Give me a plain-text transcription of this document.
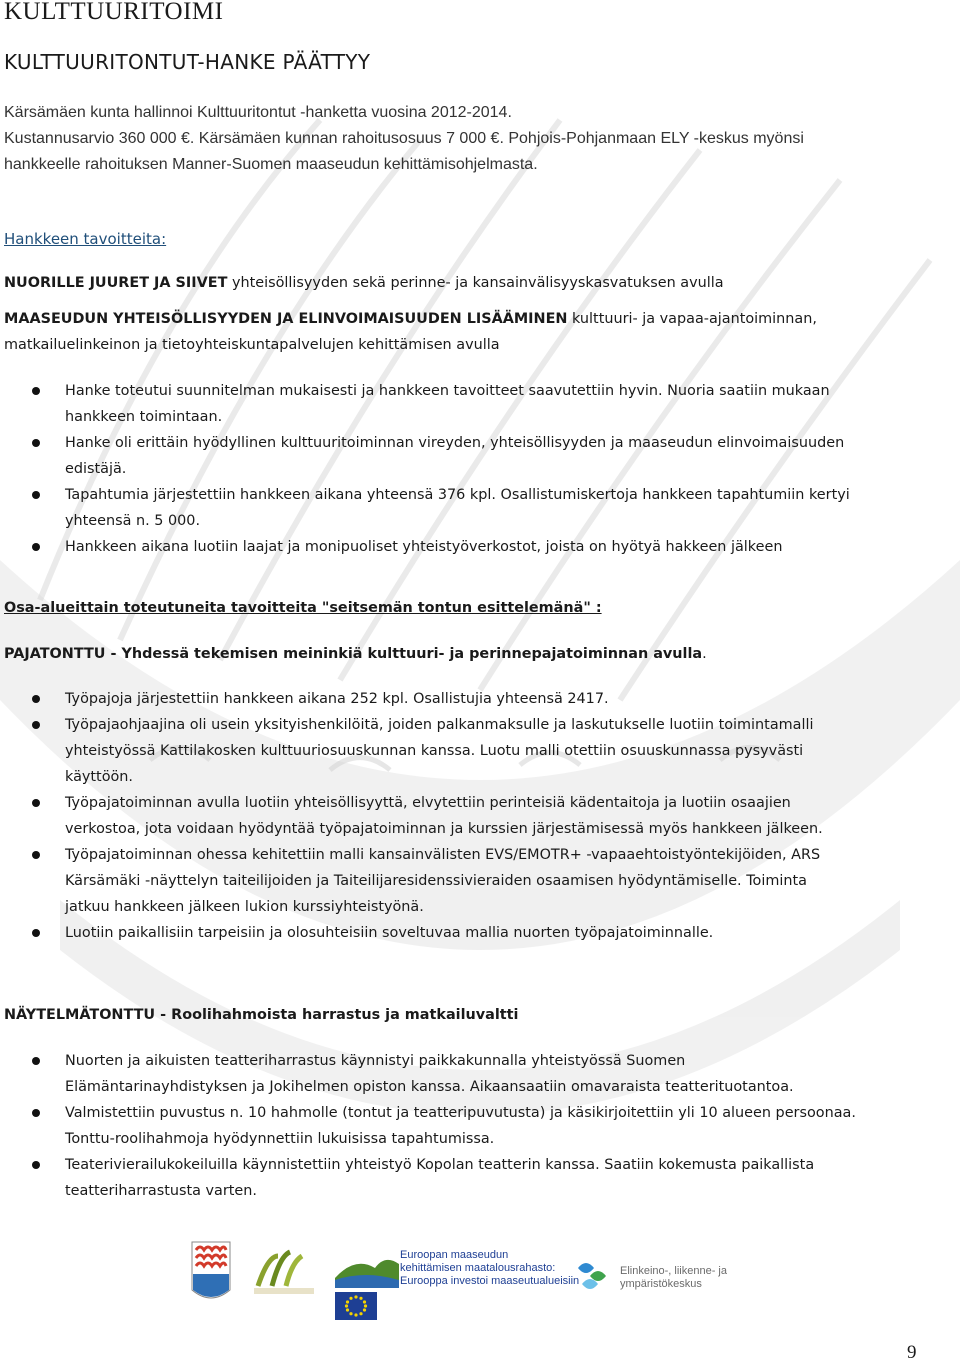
KULTTUURITOIMI
KULTTUURITONTUT-HANKE PÄÄTTYY

Kärsämäen kunta hallinnoi Kulttuuritontut -hanketta vuosina 2012-2014.
Kustannusarvio 360 000 €. Kärsämäen kunnan rahoitusosuus 7 000 €. Pohjois-Pohjanmaan ELY -keskus myönsi
hankkeelle rahoituksen Manner-Suomen maaseudun kehittämisohjelmasta.

Hankkeen tavoitteita:

NUORILLE JUURET JA SIIVET yhteisöllisyyden sekä perinne- ja kansainvälisyyskasvatuksen avulla

MAASEUDUN YHTEISÖLLISYYDEN JA ELINVOIMAISUUDEN LISÄÄMINEN kulttuuri- ja vapaa-ajantoiminnan,
matkailuelinkeinon ja tietoyhteiskuntapalvelujen kehittämisen avulla

Hanke toteutui suunnitelman mukaisesti ja hankkeen tavoitteet saavutettiin hyvin. Nuoria saatiin mukaan
hankkeen toimintaan.
Hanke oli erittäin hyödyllinen kulttuuritoiminnan vireyden, yhteisöllisyyden ja maaseudun elinvoimaisuuden
edistäjä.
Tapahtumia järjestettiin hankkeen aikana yhteensä 376 kpl. Osallistumiskertoja hankkeen tapahtumiin kertyi
yhteensä n. 5 000.
Hankkeen aikana luotiin laajat ja monipuoliset yhteistyöverkostot, joista on hyötyä hakkeen jälkeen

Osa-alueittain toteutuneita tavoitteita "seitsemän tontun esittelemänä" :

PAJATONTTU - Yhdessä tekemisen meininkiä kulttuuri- ja perinnepajatoiminnan avulla.

Työpajoja järjestettiin hankkeen aikana 252 kpl. Osallistujia yhteensä 2417.
Työpajaohjaajina oli usein yksityishenkilöitä, joiden palkanmaksulle ja laskutukselle luotiin toimintamalli
yhteistyössä Kattilakosken kulttuuriosuuskunnan kanssa. Luotu malli otettiin osuuskunnassa pysyvästi
käyttöön.
Työpajatoiminnan avulla luotiin yhteisöllisyyttä, elvytettiin perinteisiä kädentaitoja ja luotiin osaajien
verkostoa, jota voidaan hyödyntää työpajatoiminnan ja kurssien järjestämisessä myös hankkeen jälkeen.
Työpajatoiminnan ohessa kehitettiin malli kansainvälisten EVS/EMOTR+ -vapaaehtoistyöntekijöiden, ARS
Kärsämäki -näyttelyn taiteilijoiden ja Taiteilijaresidenssivieraiden osaamisen hyödyntämiselle. Toiminta
jatkuu hankkeen jälkeen lukion kurssiyhteistyönä.
Luotiin paikallisiin tarpeisiin ja olosuhteisiin soveltuvaa mallia nuorten työpajatoiminnalle.

NÄYTELMÄTONTTU - Roolihahmoista harrastus ja matkailuvaltti

Nuorten ja aikuisten teatteriharrastus käynnistyi paikkakunnalla yhteistyössä Suomen
Elämäntarinayhdistyksen ja Jokihelmen opiston kanssa. Aikaansaatiin omavaraista teatterituotantoa.
Valmistettiin puvustus n. 10 hahmolle (tontut ja teatteripuvutusta) ja käsikirjoitettiin yli 10 alueen persoonaa.
Tonttu-roolihahmoja hyödynnettiin lukuisissa tapahtumissa.
Teaterivierailukokeiluilla käynnistettiin yhteistyö Kopolan teatterin kanssa. Saatiin kokemusta paikallista
teatteriharrastusta varten.
Euroopan maaseudun
kehittämisen maatalousrahasto:
Eurooppa investoi maaseutualueisiin
Elinkeino-, liikenne- ja
ympäristökeskus
9
